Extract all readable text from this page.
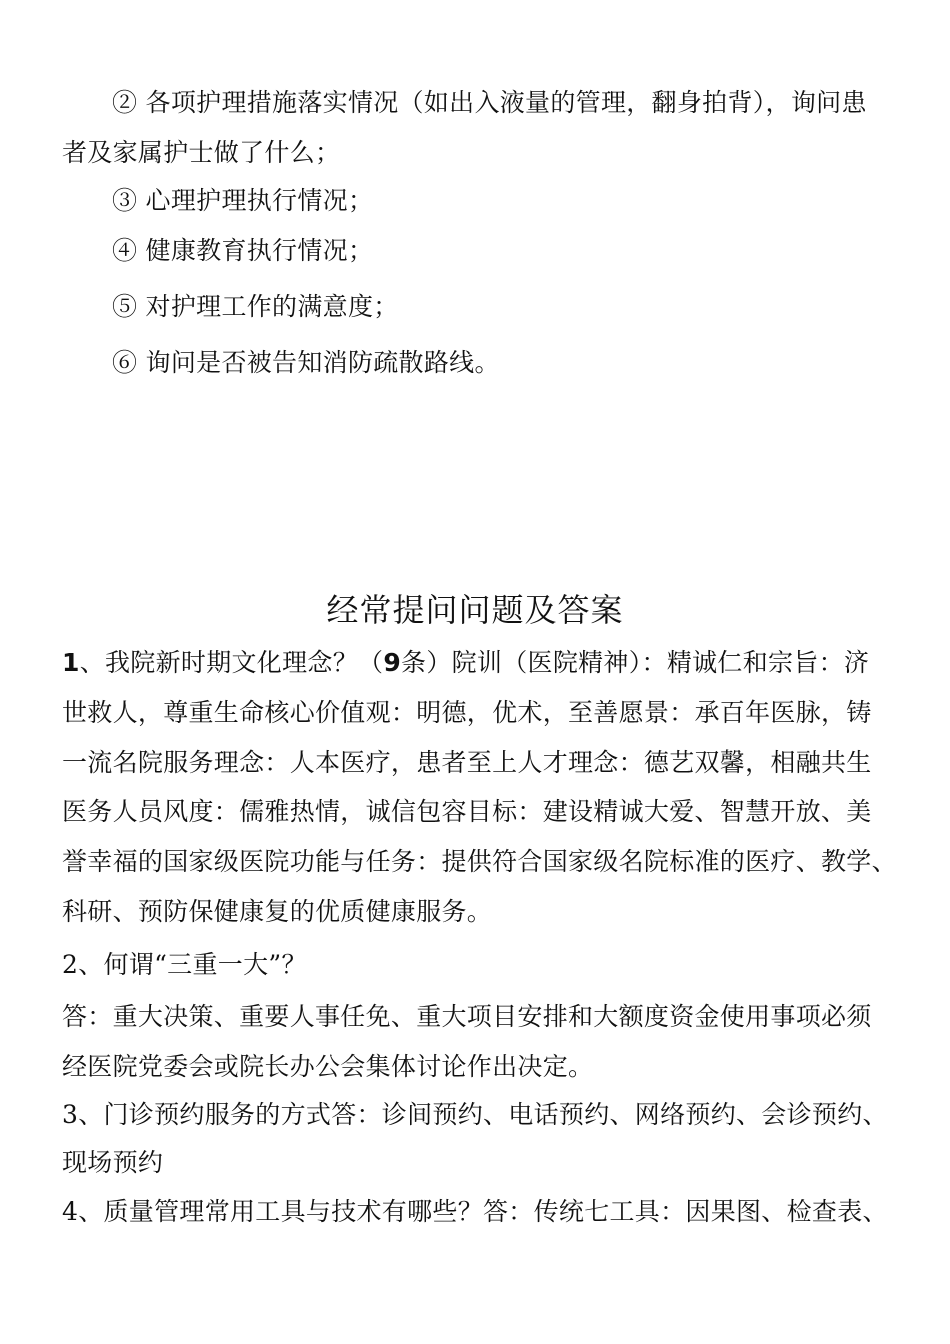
② 各项护理措施落实情况（如出入液量的管理，翻身拍背），询问患
者及家属护士做了什么；
③ 心理护理执行情况；
④ 健康教育执行情况；
⑤ 对护理工作的满意度；
⑥ 询问是否被告知消防疏散路线。
经常提问问题及答案
1、我院新时期文化理念？（9条）院训（医院精神）：精诚仁和宗旨：济
世救人，尊重生命核心价值观：明德，优术，至善愿景：承百年医脉，铸
一流名院服务理念：人本医疗，患者至上人才理念：德艺双馨，相融共生
医务人员风度：儒雅热情，诚信包容目标：建设精诚大爱、智慧开放、美
誉幸福的国家级医院功能与任务：提供符合国家级名院标准的医疗、教学、
科研、预防保健康复的优质健康服务。
2、何谓“三重一大”？
答：重大决策、重要人事任免、重大项目安排和大额度资金使用事项必须
经医院党委会或院长办公会集体讨论作出决定。
3、门诊预约服务的方式答：诊间预约、电话预约、网络预约、会诊预约、
现场预约
4、质量管理常用工具与技术有哪些？答：传统七工具：因果图、检查表、
